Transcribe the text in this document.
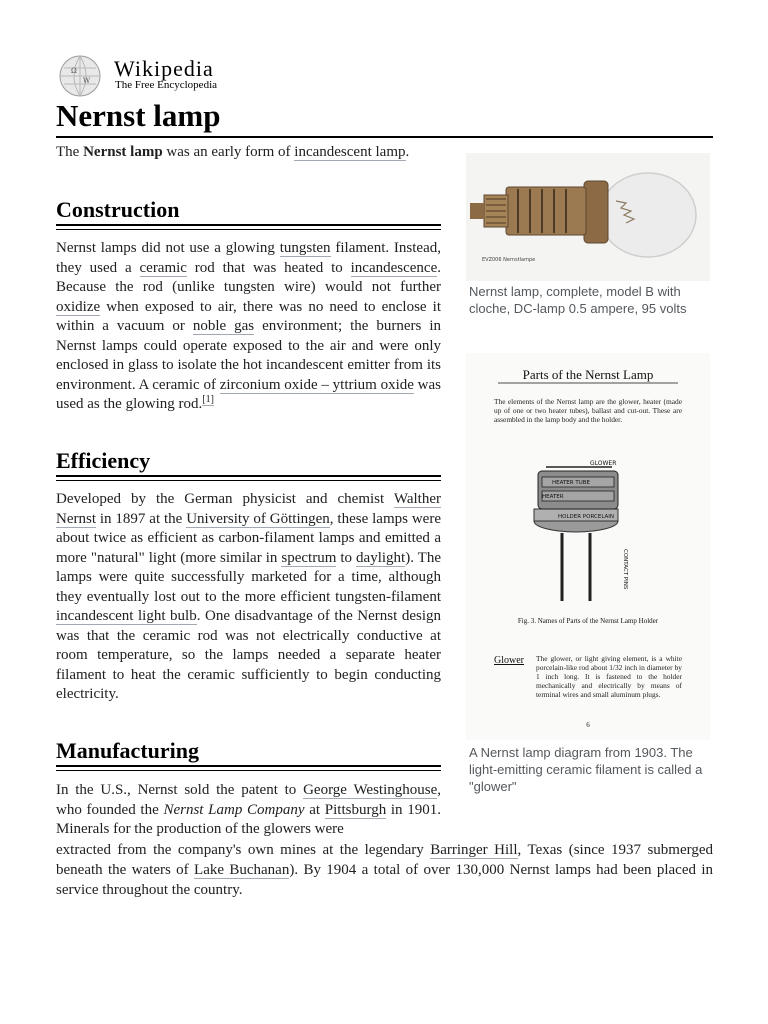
Ω
W Wikipedia
The Free Encyclopedia
Nernst lamp

The Nernst lamp was an early form of incandescent lamp.

Construction

Nernst lamps did not use a glowing tungsten filament. Instead, they used a ceramic rod that was heated to incandescence. Because the rod (unlike tungsten wire) would not further oxidize when exposed to air, there was no need to enclose it within a vacuum or noble gas environment; the burners in Nernst lamps could operate exposed to the air and were only enclosed in glass to isolate the hot incandescent emitter from its environment. A ceramic of zirconium oxide – yttrium oxide was used as the glowing rod.[1]

Efficiency

Developed by the German physicist and chemist Walther Nernst in 1897 at the University of Göttingen, these lamps were about twice as efficient as carbon-filament lamps and emitted a more "natural" light (more similar in spectrum to daylight). The lamps were quite successfully marketed for a time, although they eventually lost out to the more efficient tungsten-filament incandescent light bulb. One disadvantage of the Nernst design was that the ceramic rod was not electrically conductive at room temperature, so the lamps needed a separate heater filament to heat the ceramic sufficiently to begin conducting electricity.

Manufacturing

In the U.S., Nernst sold the patent to George Westinghouse, who founded the Nernst Lamp Company at Pittsburgh in 1901. Minerals for the production of the glowers were

extracted from the company's own mines at the legendary Barringer Hill, Texas (since 1937 submerged beneath the waters of Lake Buchanan). By 1904 a total of over 130,000 Nernst lamps had been placed in service throughout the country.

EVZ006 Nernstlampe

Nernst lamp, complete, model B with cloche, DC-lamp 0.5 ampere, 95 volts

Parts of the Nernst Lamp
The elements of the Nernst lamp are the glower, heater (made up of one or two heater tubes), ballast and cut-out. These are assembled in the lamp body and the holder.
GLOWER
HEATER TUBE
HEATER
HOLDER PORCELAIN
CONTACT PINS
Fig. 3. Names of Parts of the Nernst Lamp Holder
Glower The glower, or light giving element, is a white porcelain-like rod about 1/32 inch in diameter by 1 inch long. It is fastened to the holder mechanically and electrically by means of terminal wires and small aluminum plugs.
6

A Nernst lamp diagram from 1903. The light-emitting ceramic filament is called a "glower"
